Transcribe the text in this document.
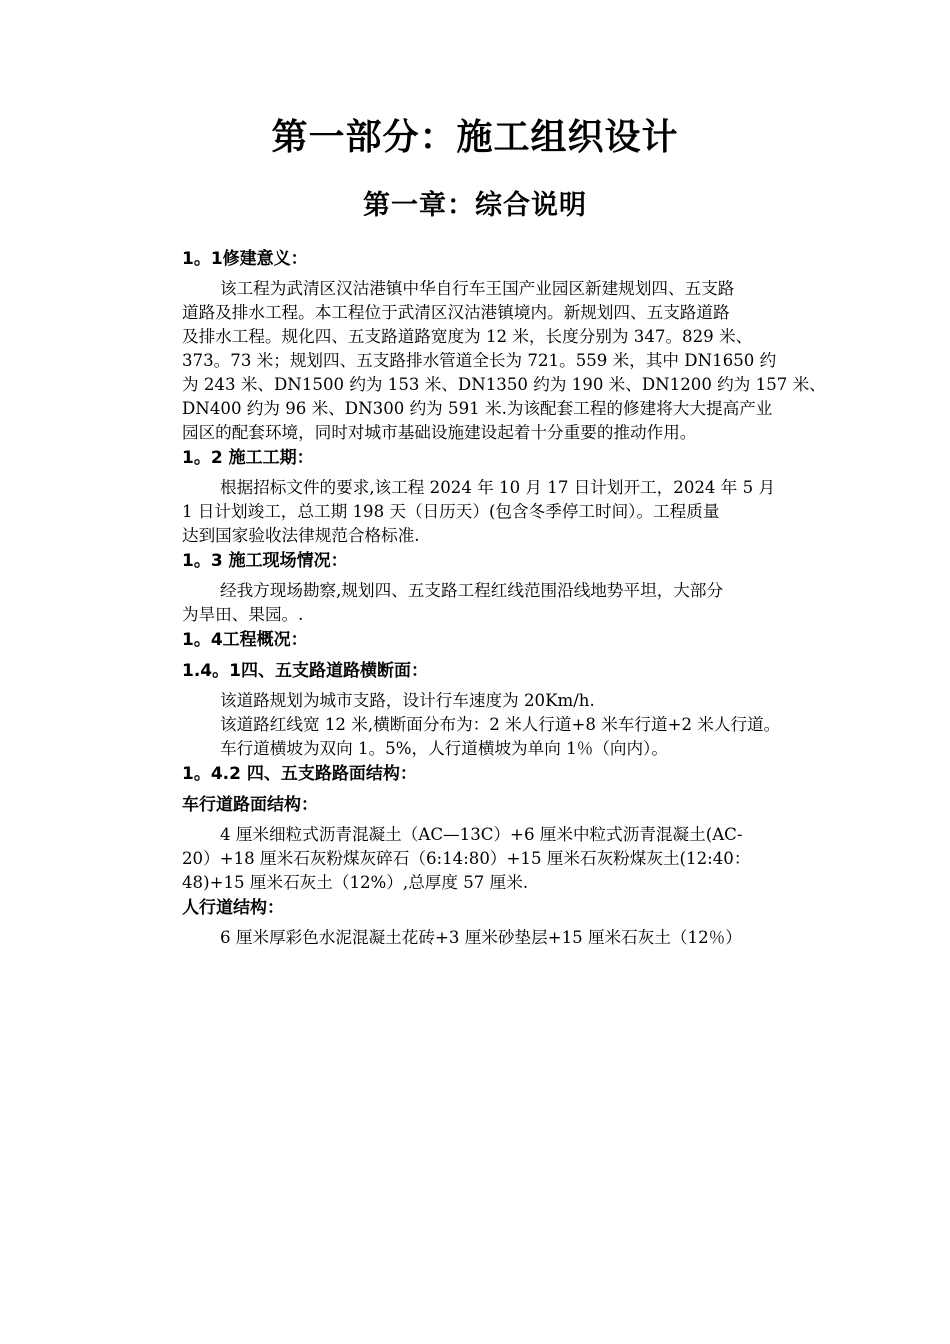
第一部分：施工组织设计
第一章：综合说明

1。1修建意义：

该工程为武清区汉沽港镇中华自行车王国产业园区新建规划四、五支路
道路及排水工程。本工程位于武清区汉沽港镇境内。新规划四、五支路道路
及排水工程。规化四、五支路道路宽度为 12 米，长度分别为 347。829 米、
373。73 米；规划四、五支路排水管道全长为 721。559 米，其中 DN1650 约
为 243 米、DN1500 约为 153 米、DN1350 约为 190 米、DN1200 约为 157 米、
DN400 约为 96 米、DN300 约为 591 米.为该配套工程的修建将大大提高产业
园区的配套环境，同时对城市基础设施建设起着十分重要的推动作用。

1。2 施工工期：

根据招标文件的要求,该工程 2024 年 10 月 17 日计划开工，2024 年 5 月
1 日计划竣工，总工期 198 天（日历天）(包含冬季停工时间）。工程质量
达到国家验收法律规范合格标准.

1。3 施工现场情况：

经我方现场勘察,规划四、五支路工程红线范围沿线地势平坦，大部分
为旱田、果园。.

1。4工程概况：

1.4。1四、五支路道路横断面：

该道路规划为城市支路，设计行车速度为 20Km/h.
该道路红线宽 12 米,横断面分布为：2 米人行道+8 米车行道+2 米人行道。
车行道横坡为双向 1。5%，人行道横坡为单向 1％（向内）。

1。4.2 四、五支路路面结构：

车行道路面结构：

4 厘米细粒式沥青混凝土（AC—13C）+6 厘米中粒式沥青混凝土(AC-
20）+18 厘米石灰粉煤灰碎石（6:14:80）+15 厘米石灰粉煤灰土(12:40：
48)+15 厘米石灰土（12%）,总厚度 57 厘米.

人行道结构：

6 厘米厚彩色水泥混凝土花砖+3 厘米砂垫层+15 厘米石灰土（12％）
